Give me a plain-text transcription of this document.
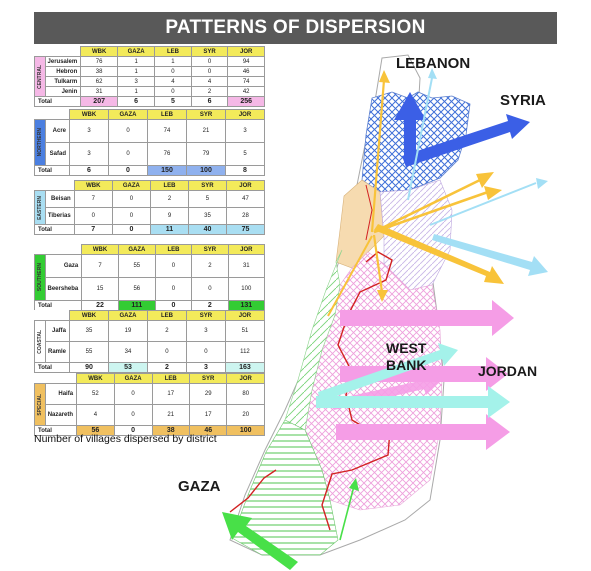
PATTERNS OF DISPERSION
LEBANON
SYRIA
WEST
BANK	JORDAN
GAZA
		WBK	GAZA	LEB	SYR	JOR

CENTRAL	Jerusalem	76	1	1	0	94
	Hebron	38	1	0	0	46
	Tulkarm	62	3	4	4	74
	Jenin	31	1	0	2	42
Total		207	6	5	6	256
		WBK	GAZA	LEB	SYR	JOR

NORTHERN	Acre	3	0	74	21	3
	Safad	3	0	76	79	5
Total		6	0	150	100	8
		WBK	GAZA	LEB	SYR	JOR

EASTERN	Beisan	7	0	2	5	47
	Tiberias	0	0	9	35	28
Total		7	0	11	40	75
		WBK	GAZA	LEB	SYR	JOR

SOUTHERN	Gaza	7	55	0	2	31
	Beersheba	15	56	0	0	100
Total		22	111	0	2	131
		WBK	GAZA	LEB	SYR	JOR

COASTAL	Jaffa	35	19	2	3	51
	Ramle	55	34	0	0	112
Total		90	53	2	3	163
		WBK	GAZA	LEB	SYR	JOR

SPECIAL	Haifa	52	0	17	29	80
	Nazareth	4	0	21	17	20
Total		56	0	38	46	100
Number of villages dispersed by district
